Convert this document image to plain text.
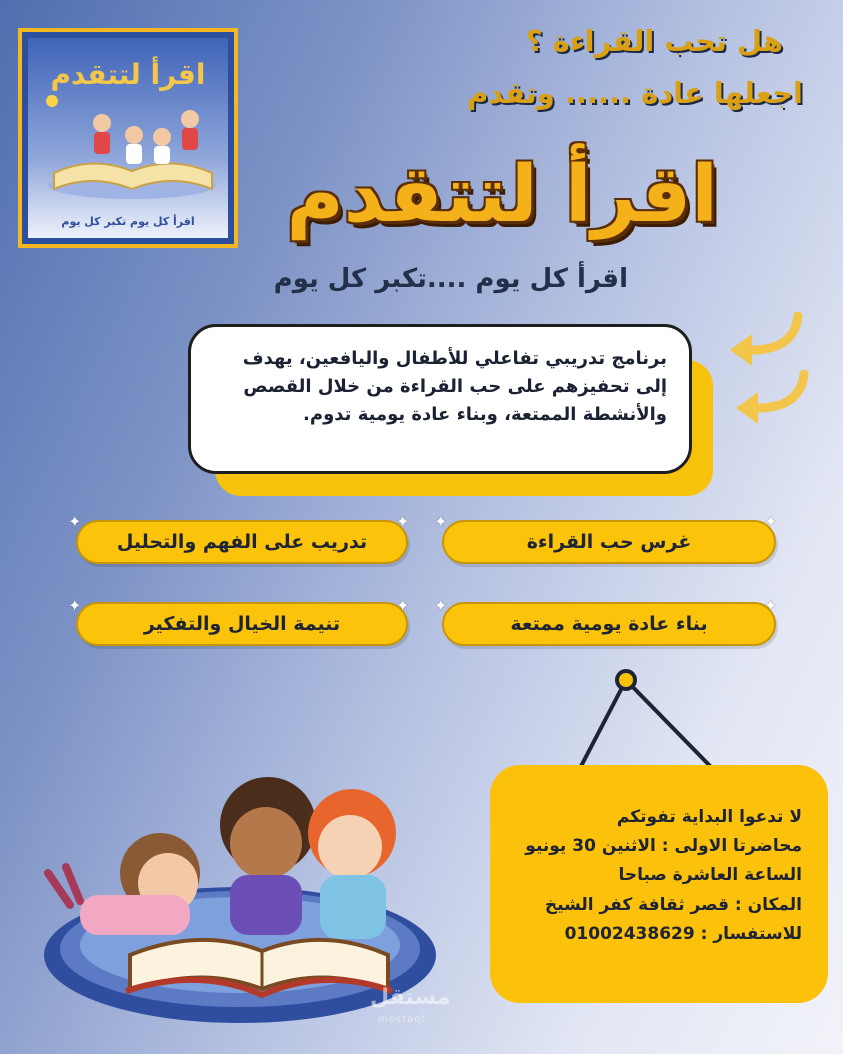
اقرأ لتتقدم
اقرأ كل يوم تكبر كل يوم
هل تحب القراءة ؟
اجعلها عادة ...... وتقدم
اقرأ لتتقدم
اقرأ كل يوم ....تكبر كل يوم
برنامج تدريبي تفاعلي للأطفال واليافعين، يهدف إلى تحفيزهم على حب القراءة من خلال القصص والأنشطة الممتعة، وبناء عادة يومية تدوم.
غرس حب القراءة
تدريب على الفهم والتحليل
بناء عادة يومية ممتعة
تنيمة الخيال والتفكير
✦	✦
✦	✦
✦	✦
✦	✦
لا تدعوا البداية تفوتكم
محاضرتا الاولى : الاثنين 30 يونيو
الساعة العاشرة صباحا
المكان : قصر ثقافة كفر الشيخ
للاستفسار : 01002438629
مستقل
mostaql
